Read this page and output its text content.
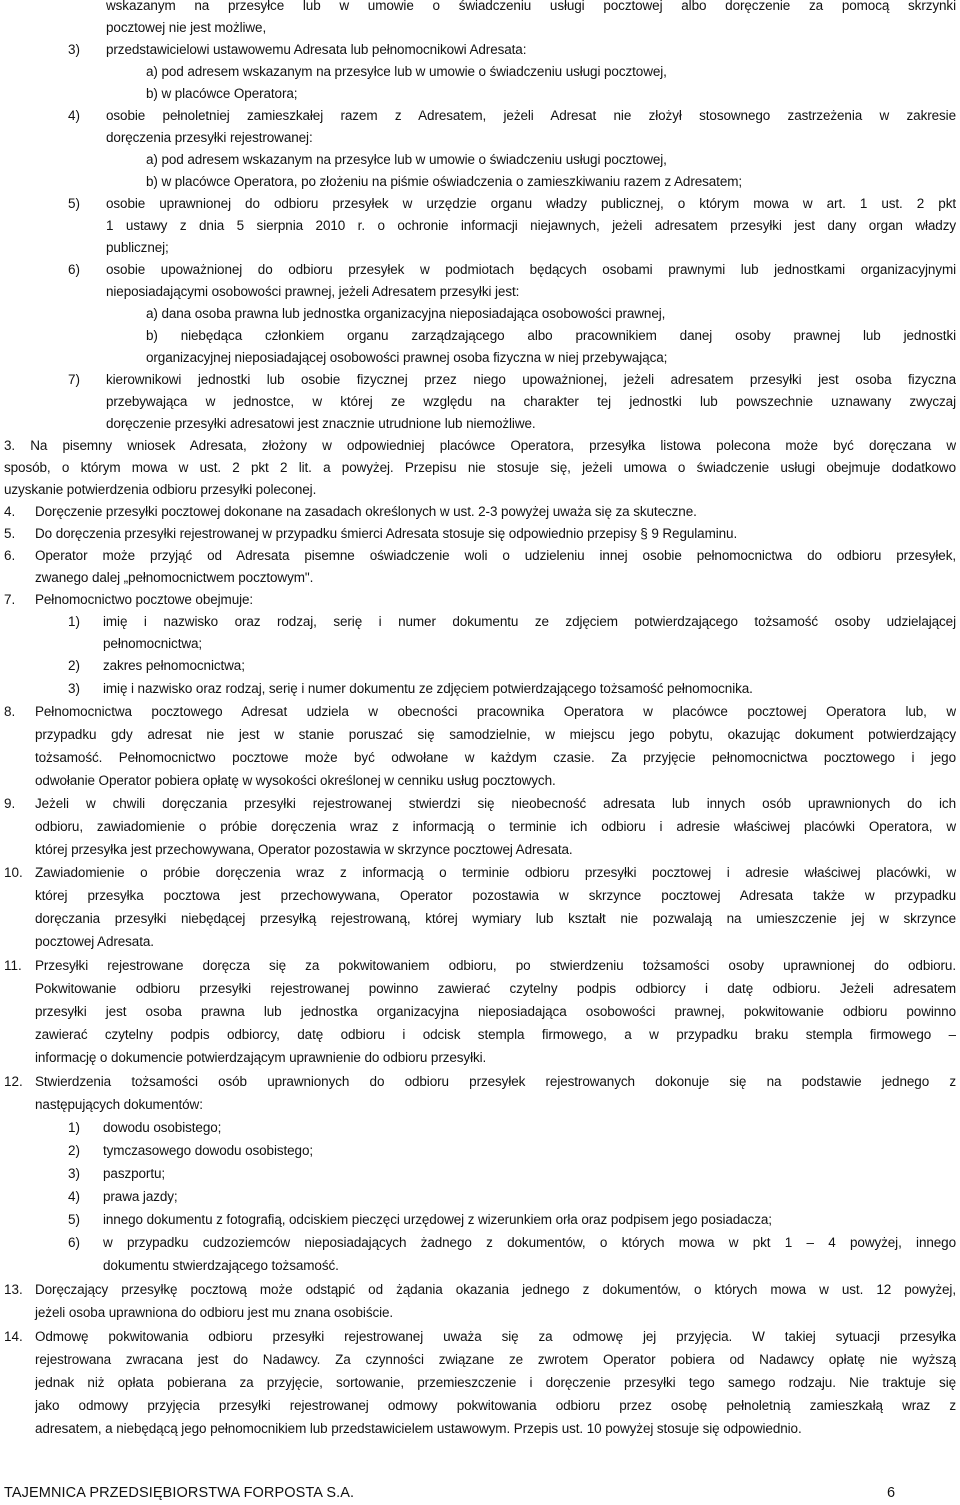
wskazanym na przesyłce lub w umowie o świadczeniu usługi pocztowej albo doręczenie za pomocą skrzynki

pocztowej nie jest możliwe,

3) przedstawicielowi ustawowemu Adresata lub pełnomocnikowi Adresata:

a) pod adresem wskazanym na przesyłce lub w umowie o świadczeniu usługi pocztowej,

b) w placówce Operatora;

4) osobie pełnoletniej zamieszkałej razem z Adresatem, jeżeli Adresat nie złożył stosownego zastrzeżenia w zakresie

doręczenia przesyłki rejestrowanej:

a) pod adresem wskazanym na przesyłce lub w umowie o świadczeniu usługi pocztowej,

b) w placówce Operatora, po złożeniu na piśmie oświadczenia o zamieszkiwaniu razem z Adresatem;

5) osobie uprawnionej do odbioru przesyłek w urzędzie organu władzy publicznej, o którym mowa w art. 1 ust. 2 pkt

1 ustawy z dnia 5 sierpnia 2010 r. o ochronie informacji niejawnych, jeżeli adresatem przesyłki jest dany organ władzy

publicznej;

6) osobie upoważnionej do odbioru przesyłek w podmiotach będących osobami prawnymi lub jednostkami organizacyjnymi

nieposiadającymi osobowości prawnej, jeżeli Adresatem przesyłki jest:

a) dana osoba prawna lub jednostka organizacyjna nieposiadająca osobowości prawnej,

b) niebędąca członkiem organu zarządzającego albo pracownikiem danej osoby prawnej lub jednostki

organizacyjnej nieposiadającej osobowości prawnej osoba fizyczna w niej przebywająca;

7) kierownikowi jednostki lub osobie fizycznej przez niego upoważnionej, jeżeli adresatem przesyłki jest osoba fizyczna

przebywająca w jednostce, w której ze względu na charakter tej jednostki lub powszechnie uznawany zwyczaj

doręczenie przesyłki adresatowi jest znacznie utrudnione lub niemożliwe.

3. Na pisemny wniosek Adresata, złożony w odpowiedniej placówce Operatora, przesyłka listowa polecona może być doręczana w

sposób, o którym mowa w ust. 2 pkt 2 lit. a powyżej. Przepisu nie stosuje się, jeżeli umowa o świadczenie usługi obejmuje dodatkowo

uzyskanie potwierdzenia odbioru przesyłki poleconej.

4. Doręczenie przesyłki pocztowej dokonane na zasadach określonych w ust. 2-3 powyżej uważa się za skuteczne.

5. Do doręczenia przesyłki rejestrowanej w przypadku śmierci Adresata stosuje się odpowiednio przepisy § 9 Regulaminu.

6. Operator może przyjąć od Adresata pisemne oświadczenie woli o udzieleniu innej osobie pełnomocnictwa do odbioru przesyłek,

zwanego dalej „pełnomocnictwem pocztowym".

7. Pełnomocnictwo pocztowe obejmuje:

1) imię i nazwisko oraz rodzaj, serię i numer dokumentu ze zdjęciem potwierdzającego tożsamość osoby udzielającej

pełnomocnictwa;

2) zakres pełnomocnictwa;

3) imię i nazwisko oraz rodzaj, serię i numer dokumentu ze zdjęciem potwierdzającego tożsamość pełnomocnika.

8. Pełnomocnictwa pocztowego Adresat udziela w obecności pracownika Operatora w placówce pocztowej Operatora lub, w

przypadku gdy adresat nie jest w stanie poruszać się samodzielnie, w miejscu jego pobytu, okazując dokument potwierdzający

tożsamość. Pełnomocnictwo pocztowe może być odwołane w każdym czasie. Za przyjęcie pełnomocnictwa pocztowego i jego

odwołanie Operator pobiera opłatę w wysokości określonej w cenniku usług pocztowych.

9. Jeżeli w chwili doręczania przesyłki rejestrowanej stwierdzi się nieobecność adresata lub innych osób uprawnionych do ich

odbioru, zawiadomienie o próbie doręczenia wraz z informacją o terminie ich odbioru i adresie właściwej placówki Operatora, w

której przesyłka jest przechowywana, Operator pozostawia w skrzynce pocztowej Adresata.

10. Zawiadomienie o próbie doręczenia wraz z informacją o terminie odbioru przesyłki pocztowej i adresie właściwej placówki, w

której przesyłka pocztowa jest przechowywana, Operator pozostawia w skrzynce pocztowej Adresata także w przypadku

doręczania przesyłki niebędącej przesyłką rejestrowaną, której wymiary lub kształt nie pozwalają na umieszczenie jej w skrzynce

pocztowej Adresata.

11. Przesyłki rejestrowane doręcza się za pokwitowaniem odbioru, po stwierdzeniu tożsamości osoby uprawnionej do odbioru.

Pokwitowanie odbioru przesyłki rejestrowanej powinno zawierać czytelny podpis odbiorcy i datę odbioru. Jeżeli adresatem

przesyłki jest osoba prawna lub jednostka organizacyjna nieposiadająca osobowości prawnej, pokwitowanie odbioru powinno

zawierać czytelny podpis odbiorcy, datę odbioru i odcisk stempla firmowego, a w przypadku braku stempla firmowego –

informację o dokumencie potwierdzającym uprawnienie do odbioru przesyłki.

12. Stwierdzenia tożsamości osób uprawnionych do odbioru przesyłek rejestrowanych dokonuje się na podstawie jednego z

następujących dokumentów:

1) dowodu osobistego;

2) tymczasowego dowodu osobistego;

3) paszportu;

4) prawa jazdy;

5) innego dokumentu z fotografią, odciskiem pieczęci urzędowej z wizerunkiem orła oraz podpisem jego posiadacza;

6) w przypadku cudzoziemców nieposiadających żadnego z dokumentów, o których mowa w pkt 1 – 4 powyżej, innego

dokumentu stwierdzającego tożsamość.

13. Doręczający przesyłkę pocztową może odstąpić od żądania okazania jednego z dokumentów, o których mowa w ust. 12 powyżej,

jeżeli osoba uprawniona do odbioru jest mu znana osobiście.

14. Odmowę pokwitowania odbioru przesyłki rejestrowanej uważa się za odmowę jej przyjęcia. W takiej sytuacji przesyłka

rejestrowana zwracana jest do Nadawcy. Za czynności związane ze zwrotem Operator pobiera od Nadawcy opłatę nie wyższą

jednak niż opłata pobierana za przyjęcie, sortowanie, przemieszczenie i doręczenie przesyłki tego samego rodzaju. Nie traktuje się

jako odmowy przyjęcia przesyłki rejestrowanej odmowy pokwitowania odbioru przez osobę pełnoletnią zamieszkałą wraz z

adresatem, a niebędącą jego pełnomocnikiem lub przedstawicielem ustawowym. Przepis ust. 10 powyżej stosuje się odpowiednio.

TAJEMNICA PRZEDSIĘBIORSTWA FORPOSTA S.A.	6
